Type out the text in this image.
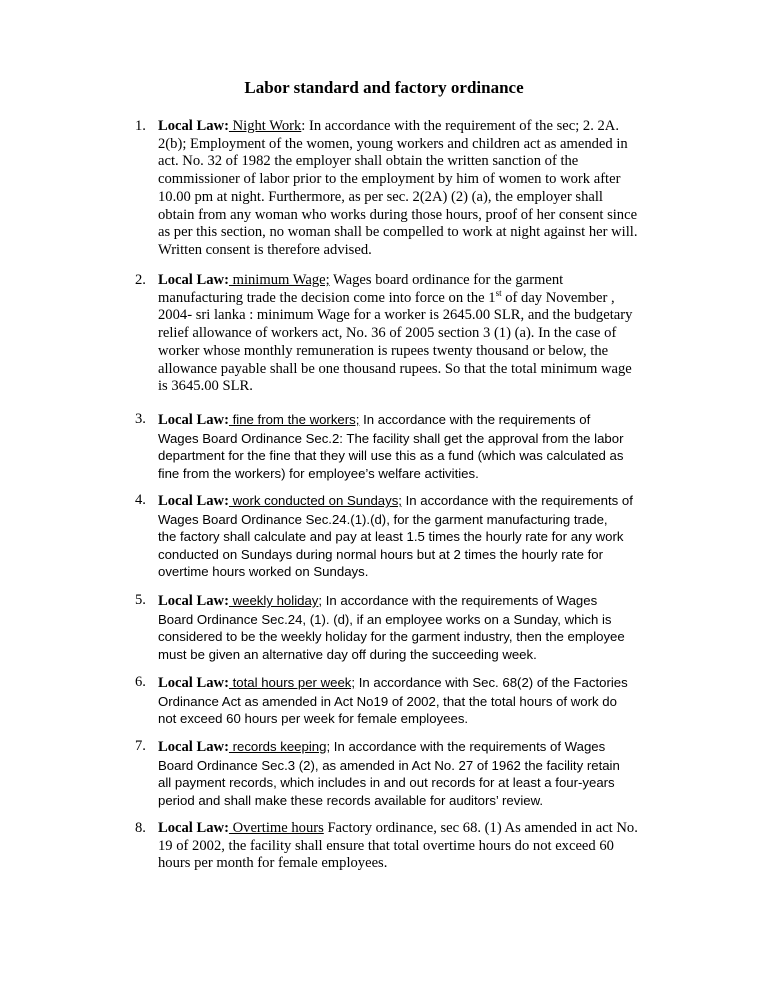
Labor standard and factory ordinance
1. Local Law: Night Work: In accordance with the requirement of the sec; 2. 2A.
2(b); Employment of the women, young workers and children act as amended in
act. No. 32 of 1982 the employer shall obtain the written sanction of the
commissioner of labor prior to the employment by him of women to work after
10.00 pm at night. Furthermore, as per sec. 2(2A) (2) (a), the employer shall
obtain from any woman who works during those hours, proof of her consent since
as per this section, no woman shall be compelled to work at night against her will.
Written consent is therefore advised.
2. Local Law: minimum Wage; Wages board ordinance for the garment
manufacturing trade the decision come into force on the 1st of day November ,
2004- sri lanka : minimum Wage for a worker is 2645.00 SLR, and the budgetary
relief allowance of workers act, No. 36 of 2005 section 3 (1) (a). In the case of
worker whose monthly remuneration is rupees twenty thousand or below, the
allowance payable shall be one thousand rupees. So that the total minimum wage
is 3645.00 SLR.
3. Local Law: fine from the workers; In accordance with the requirements of
Wages Board Ordinance Sec.2: The facility shall get the approval from the labor
department for the fine that they will use this as a fund (which was calculated as
fine from the workers) for employee’s welfare activities.
4. Local Law: work conducted on Sundays; In accordance with the requirements of
Wages Board Ordinance Sec.24.(1).(d), for the garment manufacturing trade,
the factory shall calculate and pay at least 1.5 times the hourly rate for any work
conducted on Sundays during normal hours but at 2 times the hourly rate for
overtime hours worked on Sundays.
5. Local Law: weekly holiday; In accordance with the requirements of Wages
Board Ordinance Sec.24, (1). (d), if an employee works on a Sunday, which is
considered to be the weekly holiday for the garment industry, then the employee
must be given an alternative day off during the succeeding week.
6. Local Law: total hours per week; In accordance with Sec. 68(2) of the Factories
Ordinance Act as amended in Act No19 of 2002, that the total hours of work do
not exceed 60 hours per week for female employees.
7. Local Law: records keeping; In accordance with the requirements of Wages
Board Ordinance Sec.3 (2), as amended in Act No. 27 of 1962 the facility retain
all payment records, which includes in and out records for at least a four-years
period and shall make these records available for auditors’ review.
8. Local Law: Overtime hours Factory ordinance, sec 68. (1) As amended in act No.
19 of 2002, the facility shall ensure that total overtime hours do not exceed 60
hours per month for female employees.
